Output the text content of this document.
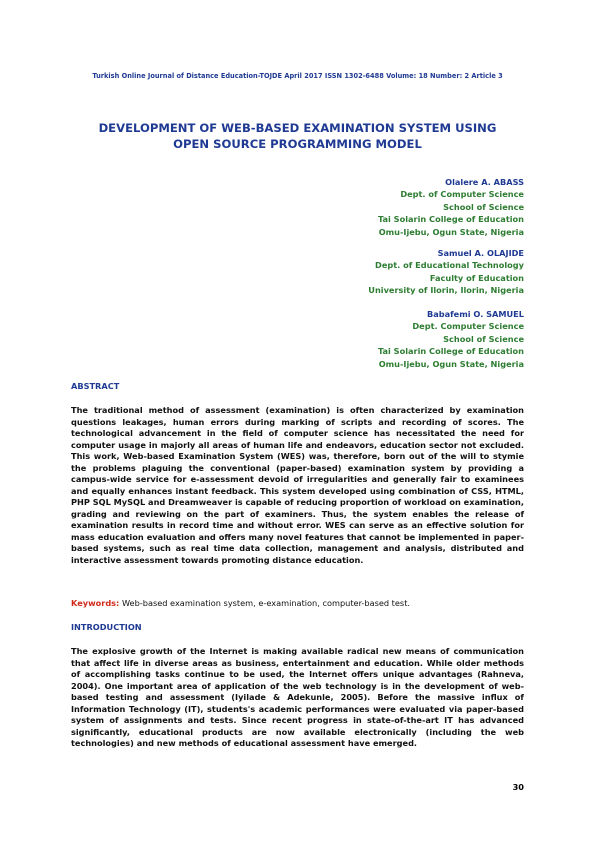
Turkish Online Journal of Distance Education-TOJDE April 2017 ISSN 1302-6488 Volume: 18 Number: 2 Article 3
DEVELOPMENT OF WEB-BASED EXAMINATION SYSTEM USING
OPEN SOURCE PROGRAMMING MODEL
Olalere A. ABASS
Dept. of Computer Science
School of Science
Tai Solarin College of Education
Omu-Ijebu, Ogun State, Nigeria
Samuel A. OLAJIDE
Dept. of Educational Technology
Faculty of Education
University of Ilorin, Ilorin, Nigeria
Babafemi O. SAMUEL
Dept. Computer Science
School of Science
Tai Solarin College of Education
Omu-Ijebu, Ogun State, Nigeria
ABSTRACT
The traditional method of assessment (examination) is often characterized by examination questions leakages, human errors during marking of scripts and recording of scores. The technological advancement in the field of computer science has necessitated the need for computer usage in majorly all areas of human life and endeavors, education sector not excluded. This work, Web-based Examination System (WES) was, therefore, born out of the will to stymie the problems plaguing the conventional (paper-based) examination system by providing a campus-wide service for e-assessment devoid of irregularities and generally fair to examinees and equally enhances instant feedback. This system developed using combination of CSS, HTML, PHP SQL MySQL and Dreamweaver is capable of reducing proportion of workload on examination, grading and reviewing on the part of examiners. Thus, the system enables the release of examination results in record time and without error. WES can serve as an effective solution for mass education evaluation and offers many novel features that cannot be implemented in paper-based systems, such as real time data collection, management and analysis, distributed and interactive assessment towards promoting distance education.
Keywords: Web-based examination system, e-examination, computer-based test.
INTRODUCTION
The explosive growth of the Internet is making available radical new means of communication that affect life in diverse areas as business, entertainment and education. While older methods of accomplishing tasks continue to be used, the Internet offers unique advantages (Rahneva, 2004). One important area of application of the web technology is in the development of web-based testing and assessment (Iyilade & Adekunle, 2005). Before the massive influx of Information Technology (IT), students's academic performances were evaluated via paper-based system of assignments and tests. Since recent progress in state-of-the-art IT has advanced significantly, educational products are now available electronically (including the web technologies) and new methods of educational assessment have emerged.
30
